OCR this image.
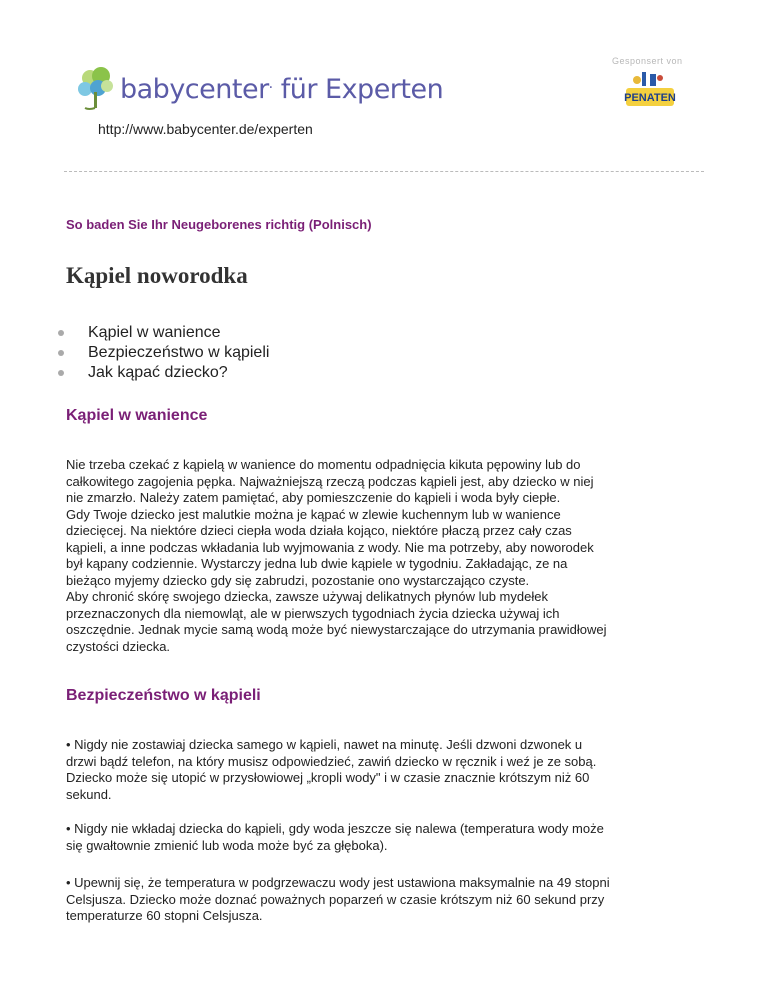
babycenter. für Experten
Gesponsert von
PENATEN
http://www.babycenter.de/experten
So baden Sie Ihr Neugeborenes richtig (Polnisch)
Kąpiel noworodka
Kąpiel w wanience
Bezpieczeństwo w kąpieli
Jak kąpać dziecko?
Kąpiel w wanience

Nie trzeba czekać z kąpielą w wanience do momentu odpadnięcia kikuta pępowiny lub do
całkowitego zagojenia pępka. Najważniejszą rzeczą podczas kąpieli jest, aby dziecko w niej
nie zmarzło. Należy zatem pamiętać, aby pomieszczenie do kąpieli i woda były ciepłe.
Gdy Twoje dziecko jest malutkie można je kąpać w zlewie kuchennym lub w wanience
dziecięcej. Na niektóre dzieci ciepła woda działa kojąco, niektóre płaczą przez cały czas
kąpieli, a inne podczas wkładania lub wyjmowania z wody. Nie ma potrzeby, aby noworodek
był kąpany codziennie. Wystarczy jedna lub dwie kąpiele w tygodniu. Zakładając, ze na
bieżąco myjemy dziecko gdy się zabrudzi, pozostanie ono wystarczająco czyste.
Aby chronić skórę swojego dziecka, zawsze używaj delikatnych płynów lub mydełek
przeznaczonych dla niemowląt, ale w pierwszych tygodniach życia dziecka używaj ich
oszczędnie. Jednak mycie samą wodą może być niewystarczające do utrzymania prawidłowej
czystości dziecka.

Bezpieczeństwo w kąpieli

• Nigdy nie zostawiaj dziecka samego w kąpieli, nawet na minutę. Jeśli dzwoni dzwonek u
drzwi bądź telefon, na który musisz odpowiedzieć, zawiń dziecko w ręcznik i weź je ze sobą.
Dziecko może się utopić w przysłowiowej „kropli wody" i w czasie znacznie krótszym niż 60
sekund.

• Nigdy nie wkładaj dziecka do kąpieli, gdy woda jeszcze się nalewa (temperatura wody może
się gwałtownie zmienić lub woda może być za głęboka).

• Upewnij się, że temperatura w podgrzewaczu wody jest ustawiona maksymalnie na 49 stopni
Celsjusza. Dziecko może doznać poważnych poparzeń w czasie krótszym niż 60 sekund przy
temperaturze 60 stopni Celsjusza.
